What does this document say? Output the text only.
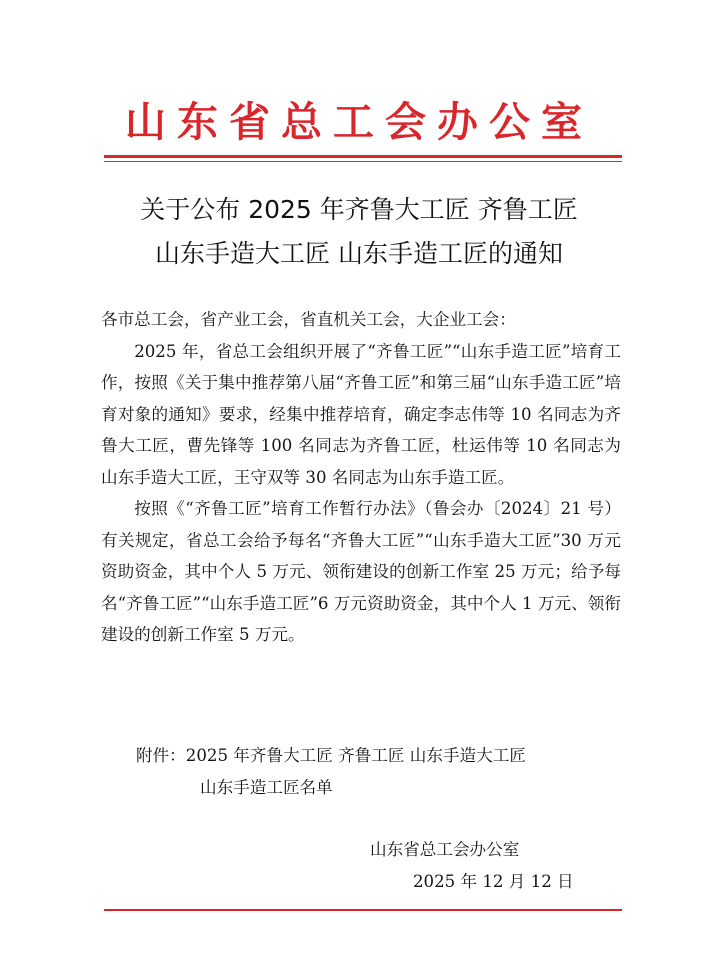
山东省总工会办公室
关于公布 2025 年齐鲁大工匠 齐鲁工匠
山东手造大工匠 山东手造工匠的通知

各市总工会，省产业工会，省直机关工会，大企业工会：

2025 年，省总工会组织开展了“齐鲁工匠”“山东手造工匠”培育工作，按照《关于集中推荐第八届“齐鲁工匠”和第三届“山东手造工匠”培育对象的通知》要求，经集中推荐培育，确定李志伟等 10 名同志为齐鲁大工匠，曹先锋等 100 名同志为齐鲁工匠，杜运伟等 10 名同志为山东手造大工匠，王守双等 30 名同志为山东手造工匠。

按照《“齐鲁工匠”培育工作暂行办法》（鲁会办〔2024〕21 号）有关规定，省总工会给予每名“齐鲁大工匠”“山东手造大工匠”30 万元资助资金，其中个人 5 万元、领衔建设的创新工作室 25 万元；给予每名“齐鲁工匠”“山东手造工匠”6 万元资助资金，其中个人 1 万元、领衔建设的创新工作室 5 万元。

附件：2025 年齐鲁大工匠 齐鲁工匠 山东手造大工匠
山东手造工匠名单
山东省总工会办公室
2025 年 12 月 12 日
